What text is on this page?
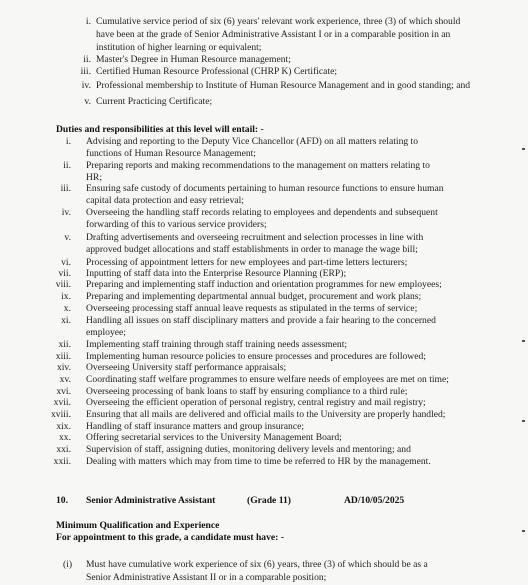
i. Cumulative service period of six (6) years' relevant work experience, three (3) of which should
have been at the grade of Senior Administrative Assistant I or in a comparable position in an
institution of higher learning or equivalent;
ii. Master's Degree in Human Resource management;
iii. Certified Human Resource Professional (CHRP K) Certificate;
iv. Professional membership to Institute of Human Resource Management and in good standing; and
v. Current Practicing Certificate;
Duties and responsibilities at this level will entail: -
i. Advising and reporting to the Deputy Vice Chancellor (AFD) on all matters relating to
functions of Human Resource Management;
ii. Preparing reports and making recommendations to the management on matters relating to
HR;
iii. Ensuring safe custody of documents pertaining to human resource functions to ensure human
capital data protection and easy retrieval;
iv. Overseeing the handling staff records relating to employees and dependents and subsequent
forwarding of this to various service providers;
v. Drafting advertisements and overseeing recruitment and selection processes in line with
approved budget allocations and staff establishments in order to manage the wage bill;
vi. Processing of appointment letters for new employees and part-time letters lecturers;
vii. Inputting of staff data into the Enterprise Resource Planning (ERP);
viii. Preparing and implementing staff induction and orientation programmes for new employees;
ix. Preparing and implementing departmental annual budget, procurement and work plans;
x. Overseeing processing staff annual leave requests as stipulated in the terms of service;
xi. Handling all issues on staff disciplinary matters and provide a fair hearing to the concerned
employee;
xii. Implementing staff training through staff training needs assessment;
xiii. Implementing human resource policies to ensure processes and procedures are followed;
xiv. Overseeing University staff performance appraisals;
xv. Coordinating staff welfare programmes to ensure welfare needs of employees are met on time;
xvi. Overseeing processing of bank loans to staff by ensuring compliance to a third rule;
xvii. Overseeing the efficient operation of personal registry, central registry and mail registry;
xviii. Ensuring that all mails are delivered and official mails to the University are properly handled;
xix. Handling of staff insurance matters and group insurance;
xx. Offering secretarial services to the University Management Board;
xxi. Supervision of staff, assigning duties, monitoring delivery levels and mentoring; and
xxii. Dealing with matters which may from time to time be referred to HR by the management.
10. Senior Administrative Assistant	(Grade 11)	AD/10/05/2025
Minimum Qualification and Experience
For appointment to this grade, a candidate must have: -
(i) Must have cumulative work experience of six (6) years, three (3) of which should be as a
Senior Administrative Assistant II or in a comparable position;
